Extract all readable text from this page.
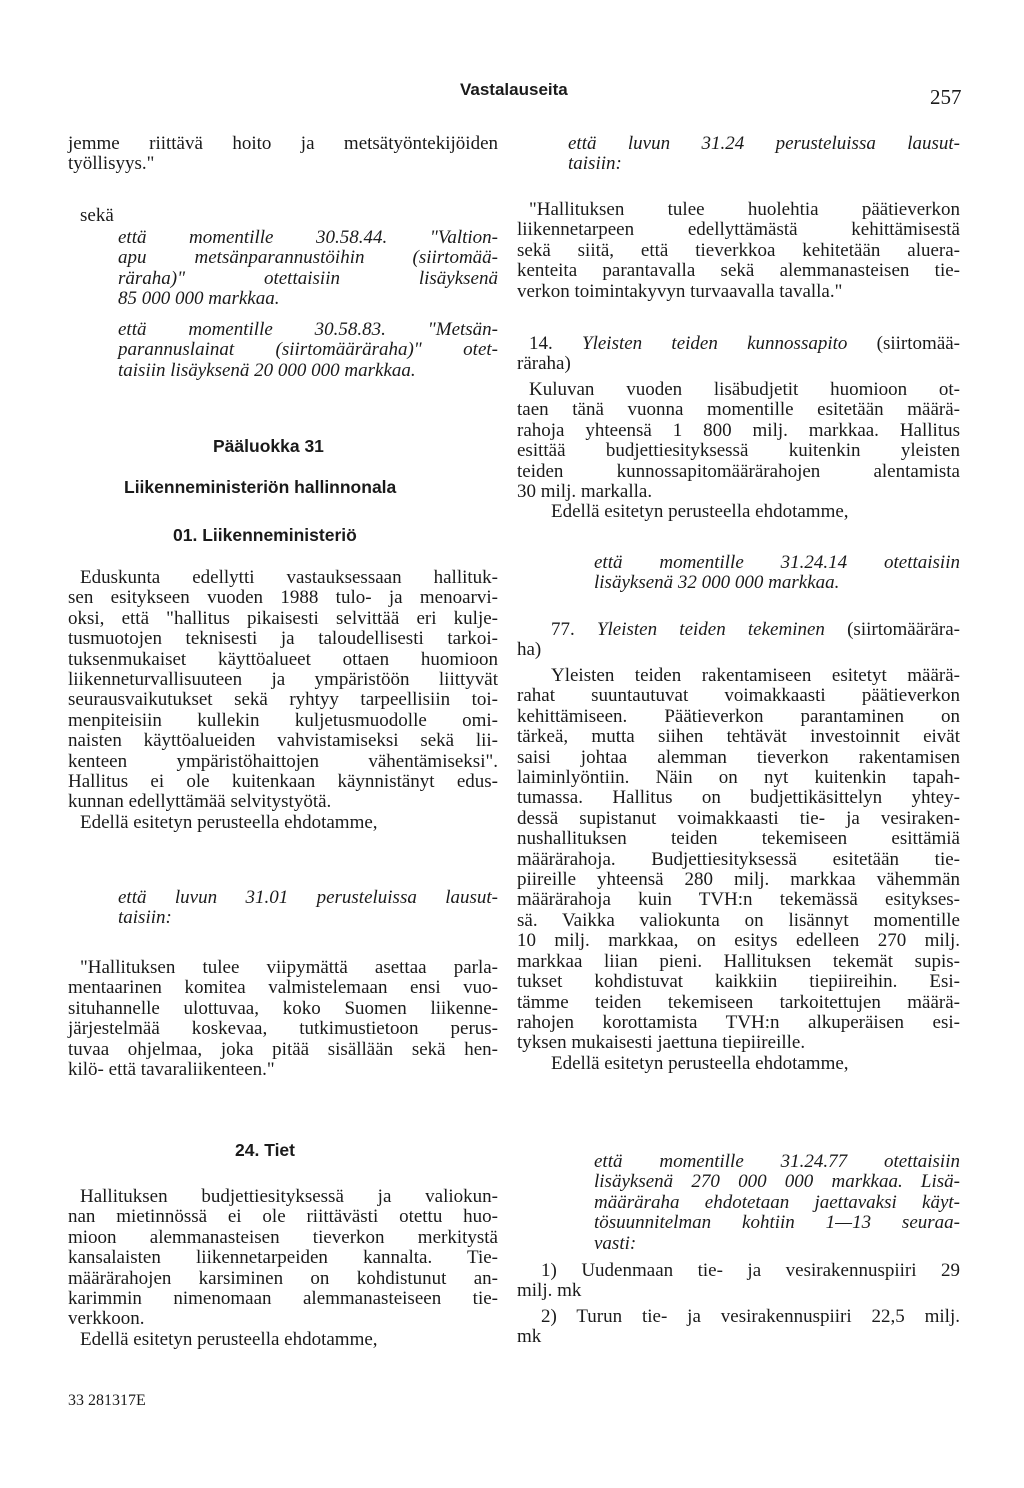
Vastalauseita	257
jemme riittävä hoito ja metsätyöntekijöiden
työllisyys."
sekä
että momentille 30.58.44. "Valtion-
apu metsänparannustöihin (siirtomää-
räraha)" otettaisiin lisäyksenä
85 000 000 markkaa.
että momentille 30.58.83. "Metsän-
parannuslainat (siirtomääräraha)" otet-
taisiin lisäyksenä 20 000 000 markkaa.
Pääluokka 31
Liikenneministeriön hallinnonala
01. Liikenneministeriö
Eduskunta edellytti vastauksessaan hallituk-
sen esitykseen vuoden 1988 tulo- ja menoarvi-
oksi, että "hallitus pikaisesti selvittää eri kulje-
tusmuotojen teknisesti ja taloudellisesti tarkoi-
tuksenmukaiset käyttöalueet ottaen huomioon
liikenneturvallisuuteen ja ympäristöön liittyvät
seurausvaikutukset sekä ryhtyy tarpeellisiin toi-
menpiteisiin kullekin kuljetusmuodolle omi-
naisten käyttöalueiden vahvistamiseksi sekä lii-
kenteen ympäristöhaittojen vähentämiseksi".
Hallitus ei ole kuitenkaan käynnistänyt edus-
kunnan edellyttämää selvitystyötä.
Edellä esitetyn perusteella ehdotamme,
että luvun 31.01 perusteluissa lausut-
taisiin:
"Hallituksen tulee viipymättä asettaa parla-
mentaarinen komitea valmistelemaan ensi vuo-
situhannelle ulottuvaa, koko Suomen liikenne-
järjestelmää koskevaa, tutkimustietoon perus-
tuvaa ohjelmaa, joka pitää sisällään sekä hen-
kilö- että tavaraliikenteen."
24. Tiet
Hallituksen budjettiesityksessä ja valiokun-
nan mietinnössä ei ole riittävästi otettu huo-
mioon alemmanasteisen tieverkon merkitystä
kansalaisten liikennetarpeiden kannalta. Tie-
määrärahojen karsiminen on kohdistunut an-
karimmin nimenomaan alemmanasteiseen tie-
verkkoon.
Edellä esitetyn perusteella ehdotamme,
33 281317E
että luvun 31.24 perusteluissa lausut-
taisiin:
"Hallituksen tulee huolehtia päätieverkon
liikennetarpeen edellyttämästä kehittämisestä
sekä siitä, että tieverkkoa kehitetään aluera-
kenteita parantavalla sekä alemmanasteisen tie-
verkon toimintakyvyn turvaavalla tavalla."
14. Yleisten teiden kunnossapito (siirtomää-
räraha)
Kuluvan vuoden lisäbudjetit huomioon ot-
taen tänä vuonna momentille esitetään määrä-
rahoja yhteensä 1 800 milj. markkaa. Hallitus
esittää budjettiesityksessä kuitenkin yleisten
teiden kunnossapitomäärärahojen alentamista
30 milj. markalla.
Edellä esitetyn perusteella ehdotamme,
että momentille 31.24.14 otettaisiin
lisäyksenä 32 000 000 markkaa.
77. Yleisten teiden tekeminen (siirtomäärära-
ha)
Yleisten teiden rakentamiseen esitetyt määrä-
rahat suuntautuvat voimakkaasti päätieverkon
kehittämiseen. Päätieverkon parantaminen on
tärkeä, mutta siihen tehtävät investoinnit eivät
saisi johtaa alemman tieverkon rakentamisen
laiminlyöntiin. Näin on nyt kuitenkin tapah-
tumassa. Hallitus on budjettikäsittelyn yhtey-
dessä supistanut voimakkaasti tie- ja vesiraken-
nushallituksen teiden tekemiseen esittämiä
määrärahoja. Budjettiesityksessä esitetään tie-
piireille yhteensä 280 milj. markkaa vähemmän
määrärahoja kuin TVH:n tekemässä esitykses-
sä. Vaikka valiokunta on lisännyt momentille
10 milj. markkaa, on esitys edelleen 270 milj.
markkaa liian pieni. Hallituksen tekemät supis-
tukset kohdistuvat kaikkiin tiepiireihin. Esi-
tämme teiden tekemiseen tarkoitettujen määrä-
rahojen korottamista TVH:n alkuperäisen esi-
tyksen mukaisesti jaettuna tiepiireille.
Edellä esitetyn perusteella ehdotamme,
että momentille 31.24.77 otettaisiin
lisäyksenä 270 000 000 markkaa. Lisä-
määräraha ehdotetaan jaettavaksi käyt-
tösuunnitelman kohtiin 1—13 seuraa-
vasti:
1) Uudenmaan tie- ja vesirakennuspiiri 29
milj. mk
2) Turun tie- ja vesirakennuspiiri 22,5 milj.
mk
